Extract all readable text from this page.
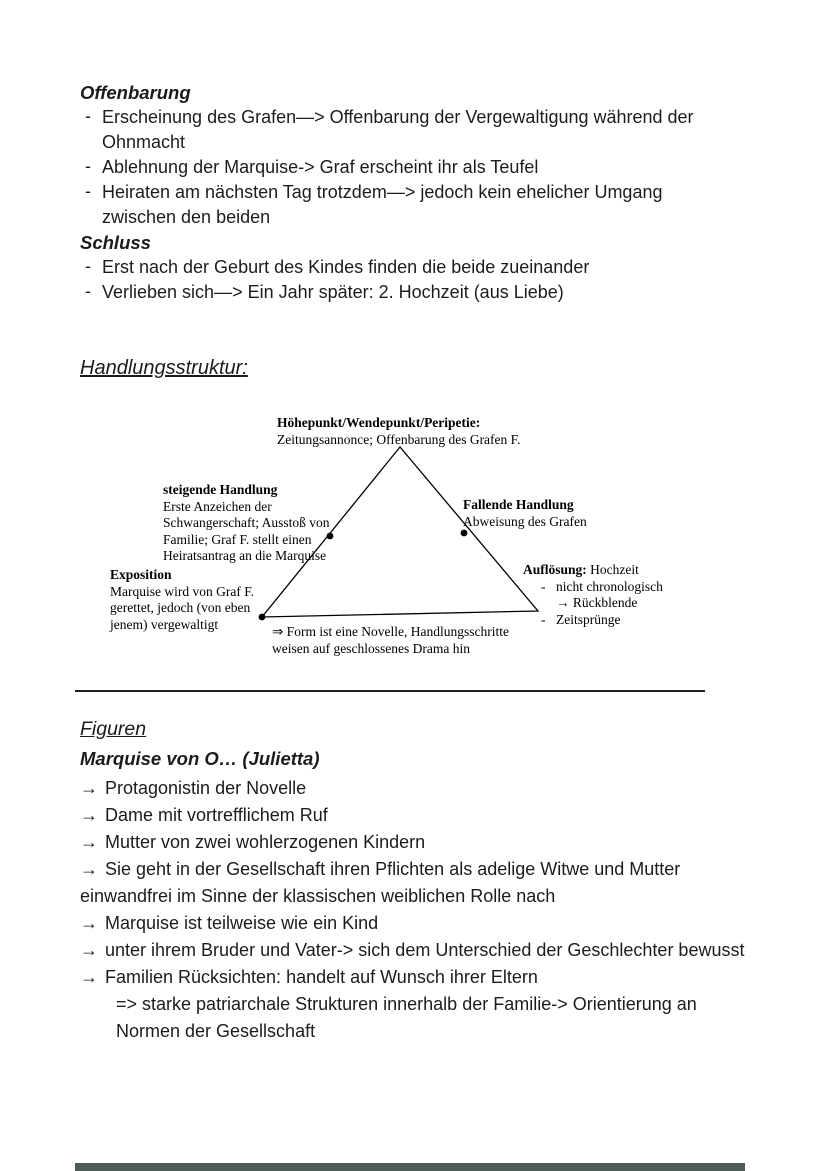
Offenbarung
- Erscheinung des Grafen—> Offenbarung der Vergewaltigung während der Ohnmacht
- Ablehnung der Marquise-> Graf erscheint ihr als Teufel
- Heiraten am nächsten Tag trotzdem—> jedoch kein ehelicher Umgang zwischen den beiden
Schluss
- Erst nach der Geburt des Kindes finden die beide zueinander
- Verlieben sich—> Ein Jahr später: 2. Hochzeit (aus Liebe)
Handlungsstruktur:
Höhepunkt/Wendepunkt/Peripetie:
Zeitungsannonce; Offenbarung des Grafen F.
steigende Handlung
Erste Anzeichen der
Schwangerschaft; Ausstoß von
Familie; Graf F. stellt einen
Heiratsantrag an die Marquise
Fallende Handlung
Abweisung des Grafen
Exposition
Marquise wird von Graf F.
gerettet, jedoch (von eben
jenem) vergewaltigt
Auflösung: Hochzeit
- nicht chronologisch
→ Rückblende
- Zeitsprünge
⇒ Form ist eine Novelle, Handlungsschritte
weisen auf geschlossenes Drama hin
Figuren
Marquise von O… (Julietta)

→ Protagonistin der Novelle

→ Dame mit vortrefflichem Ruf

→ Mutter von zwei wohlerzogenen Kindern

→ Sie geht in der Gesellschaft ihren Pflichten als adelige Witwe und Mutter einwandfrei im Sinne der klassischen weiblichen Rolle nach

→ Marquise ist teilweise wie ein Kind

→ unter ihrem Bruder und Vater-> sich dem Unterschied der Geschlechter bewusst

→ Familien Rücksichten: handelt auf Wunsch ihrer Eltern

=> starke patriarchale Strukturen innerhalb der Familie-> Orientierung an Normen der Gesellschaft
